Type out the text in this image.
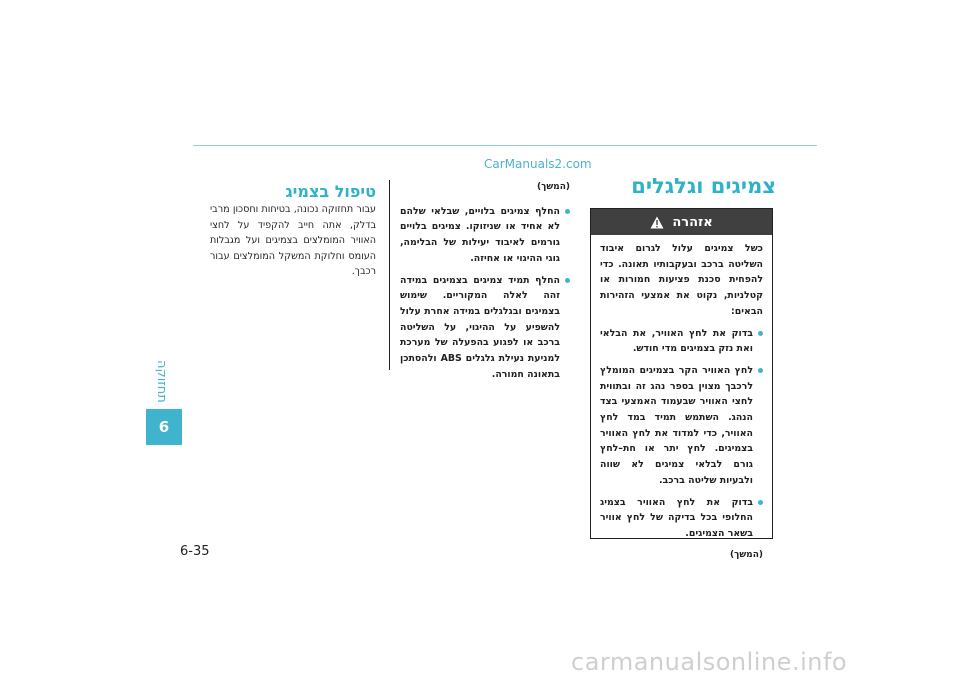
CarManuals2.com
תחזוקה
6
6-35
טיפול בצמיג
עבור תחזוקה נכונה, בטיחות וחסכון מרבי בדלק, אתה חייב להקפיד על לחצי האוויר המומלצים בצמיגים ועל מגבלות העומס וחלוקת המשקל המומלצים עבור רכבך.
(המשך)
החלף צמיגים בלויים, שבלאי שלהם לא אחיד או שניזוקו. צמיגים בלויים גורמים לאיבוד יעילות של הבלימה, גוגי ההיגוי או אחיזה.
החלף תמיד צמיגים בצמיגים במידה זהה לאלה המקוריים. שימוש בצמיגים ובגלגלים במידה אחרת עלול להשפיע על ההיגוי, על השליטה ברכב או לפגוע בהפעלה של מערכת למניעת נעילת גלגלים ABS ולהסתכן בתאונה חמורה.
צמיגים וגלגלים
אזהרה
כשל צמיגים עלול לגרום איבוד השליטה ברכב ובעקבותיו תאונה. כדי להפחית סכנת פציעות חמורות או קטלניות, נקוט את אמצעי הזהירות הבאים:
בדוק את לחץ האוויר, את הבלאי ואת נזק בצמיגים מדי חודש.
לחץ האוויר הקר בצמיגים המומלץ לרכבך מצוין בספר נהג זה ובתווית לחצי האוויר שבעמוד האמצעי בצד הנהג. השתמש תמיד במד לחץ האוויר, כדי למדוד את לחץ האוויר בצמיגים. לחץ יתר או חת–לחץ גורם לבלאי צמיגים לא שווה ולבעיות שליטה ברכב.
בדוק את לחץ האוויר בצמיג החלופי בכל בדיקה של לחץ אוויר בשאר הצמיגים.
(המשך)
carmanualsonline.info
